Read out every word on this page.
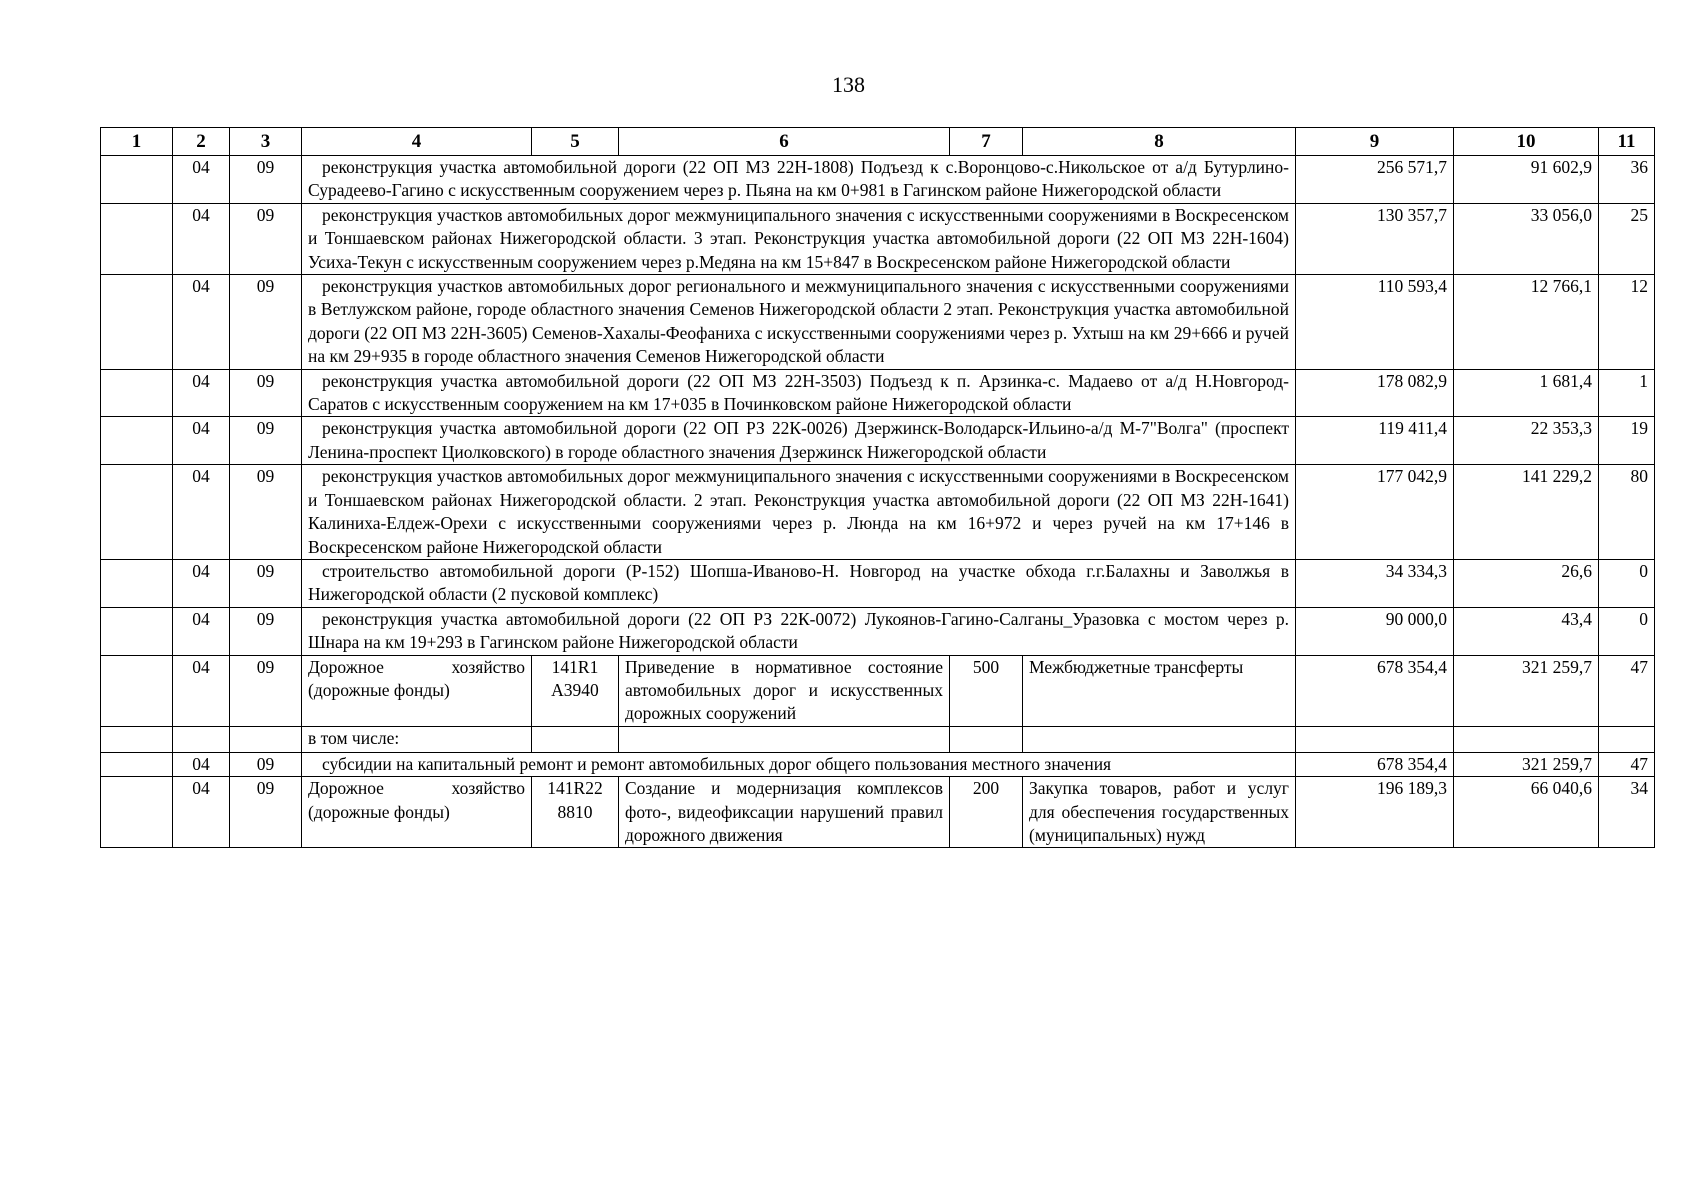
138
1	2	3	4	5	6	7	8	9	10	11
	04	09	реконструкция участка автомобильной дороги (22 ОП МЗ 22Н-1808) Подъезд к с.Воронцово-с.Никольское от а/д Бутурлино-Сурадеево-Гагино с искусственным сооружением через р. Пьяна на км 0+981 в Гагинском районе Нижегородской области					256 571,7	91 602,9	36
	04	09	реконструкция участков автомобильных дорог межмуниципального значения с искусственными сооружениями в Воскресенском и Тоншаевском районах Нижегородской области. 3 этап. Реконструкция участка автомобильной дороги (22 ОП МЗ 22Н-1604) Усиха-Текун с искусственным сооружением через р.Медяна на км 15+847 в Воскресенском районе Нижегородской области					130 357,7	33 056,0	25
	04	09	реконструкция участков автомобильных дорог регионального и межмуниципального значения с искусственными сооружениями в Ветлужском районе, городе областного значения Семенов Нижегородской области 2 этап. Реконструкция участка автомобильной дороги (22 ОП МЗ 22Н-3605) Семенов-Хахалы-Феофаниха с искусственными сооружениями через р. Ухтыш на км 29+666 и ручей на км 29+935 в городе областного значения Семенов Нижегородской области					110 593,4	12 766,1	12
	04	09	реконструкция участка автомобильной дороги (22 ОП МЗ 22Н-3503) Подъезд к п. Арзинка-с. Мадаево от а/д Н.Новгород-Саратов с искусственным сооружением на км 17+035 в Починковском районе Нижегородской области					178 082,9	1 681,4	1
	04	09	реконструкция участка автомобильной дороги (22 ОП РЗ 22К-0026) Дзержинск-Володарск-Ильино-а/д М-7"Волга" (проспект Ленина-проспект Циолковского) в городе областного значения Дзержинск Нижегородской области					119 411,4	22 353,3	19
	04	09	реконструкция участков автомобильных дорог межмуниципального значения с искусственными сооружениями в Воскресенском и Тоншаевском районах Нижегородской области. 2 этап. Реконструкция участка автомобильной дороги (22 ОП МЗ 22Н-1641) Калиниха-Елдеж-Орехи с искусственными сооружениями через р. Люнда на км 16+972 и через ручей на км 17+146 в Воскресенском районе Нижегородской области					177 042,9	141 229,2	80
	04	09	строительство автомобильной дороги (Р-152) Шопша-Иваново-Н. Новгород на участке обхода г.г.Балахны и Заволжья в Нижегородской области (2 пусковой комплекс)					34 334,3	26,6	0
	04	09	реконструкция участка автомобильной дороги (22 ОП РЗ 22К-0072) Лукоянов-Гагино-Салганы_Уразовка с мостом через р. Шнара на км 19+293 в Гагинском районе Нижегородской области					90 000,0	43,4	0
	04	09	Дорожное хозяйство (дорожные фонды)	141R1 А3940	Приведение в нормативное состояние автомобильных дорог и искусственных дорожных сооружений	500	Межбюджетные трансферты	678 354,4	321 259,7	47
			в том числе:							
	04	09	субсидии на капитальный ремонт и ремонт автомобильных дорог общего пользования местного значения					678 354,4	321 259,7	47
	04	09	Дорожное хозяйство (дорожные фонды)	141R22 8810	Создание и модернизация комплексов фото-, видеофиксации нарушений правил дорожного движения	200	Закупка товаров, работ и услуг для обеспечения государственных (муниципальных) нужд	196 189,3	66 040,6	34
